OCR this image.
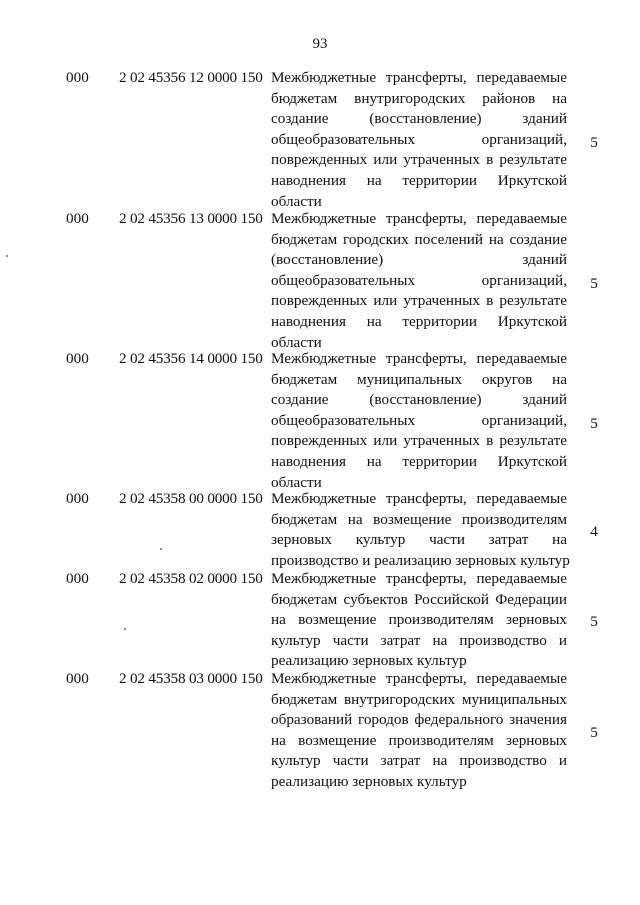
93
000	2 02 45356 12 0000 150 Межбюджетные трансферты, передаваемые
бюджетам внутригородских районов на
создание (восстановление) зданий
общеобразовательных организаций,
поврежденных или утраченных в результате
наводнения на территории Иркутской
области
5
000	2 02 45356 13 0000 150 Межбюджетные трансферты, передаваемые
бюджетам городских поселений на создание
(восстановление) зданий
общеобразовательных организаций,
поврежденных или утраченных в результате
наводнения на территории Иркутской
области
5
000	2 02 45356 14 0000 150 Межбюджетные трансферты, передаваемые
бюджетам муниципальных округов на
создание (восстановление) зданий
общеобразовательных организаций,
поврежденных или утраченных в результате
наводнения на территории Иркутской
области
5
000	2 02 45358 00 0000 150 Межбюджетные трансферты, передаваемые
бюджетам на возмещение производителям
зерновых культур части затрат на
производство и реализацию зерновых культур
4
000	2 02 45358 02 0000 150 Межбюджетные трансферты, передаваемые
бюджетам субъектов Российской Федерации
на возмещение производителям зерновых
культур части затрат на производство и
реализацию зерновых культур
5
000	2 02 45358 03 0000 150 Межбюджетные трансферты, передаваемые
бюджетам внутригородских муниципальных
образований городов федерального значения
на возмещение производителям зерновых
культур части затрат на производство и
реализацию зерновых культур
5
